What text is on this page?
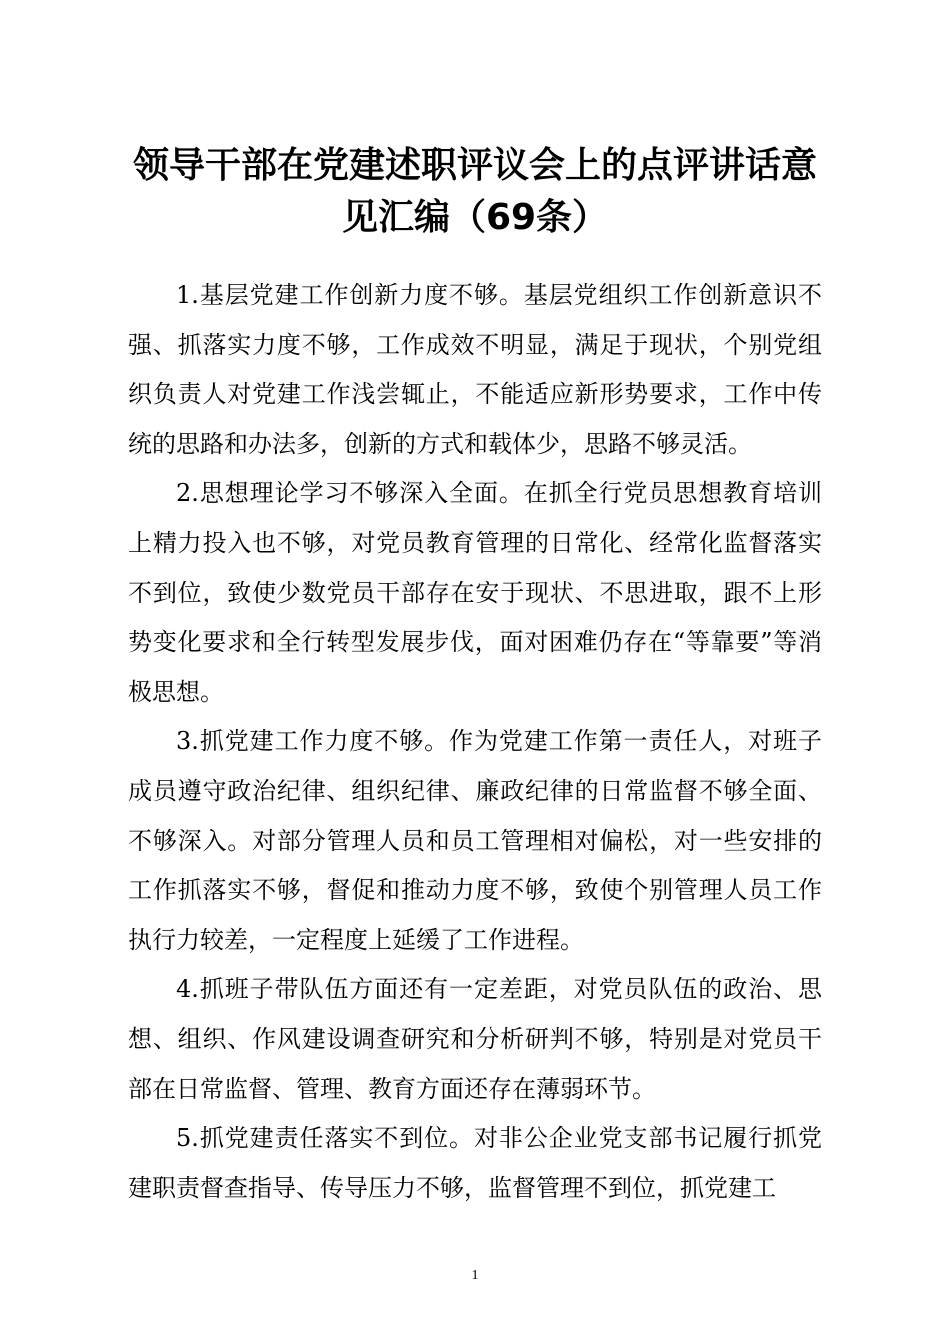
领导干部在党建述职评议会上的点评讲话意
见汇编（69条）

1.基层党建工作创新力度不够。基层党组织工作创新意识不强、抓落实力度不够，工作成效不明显，满足于现状，个别党组织负责人对党建工作浅尝辄止，不能适应新形势要求，工作中传统的思路和办法多，创新的方式和载体少，思路不够灵活。

2.思想理论学习不够深入全面。在抓全行党员思想教育培训上精力投入也不够，对党员教育管理的日常化、经常化监督落实不到位，致使少数党员干部存在安于现状、不思进取，跟不上形势变化要求和全行转型发展步伐，面对困难仍存在“等靠要”等消极思想。

3.抓党建工作力度不够。作为党建工作第一责任人，对班子成员遵守政治纪律、组织纪律、廉政纪律的日常监督不够全面、不够深入。对部分管理人员和员工管理相对偏松，对一些安排的工作抓落实不够，督促和推动力度不够，致使个别管理人员工作执行力较差，一定程度上延缓了工作进程。

4.抓班子带队伍方面还有一定差距，对党员队伍的政治、思想、组织、作风建设调查研究和分析研判不够，特别是对党员干部在日常监督、管理、教育方面还存在薄弱环节。

5.抓党建责任落实不到位。对非公企业党支部书记履行抓党建职责督查指导、传导压力不够，监督管理不到位，抓党建工

1
